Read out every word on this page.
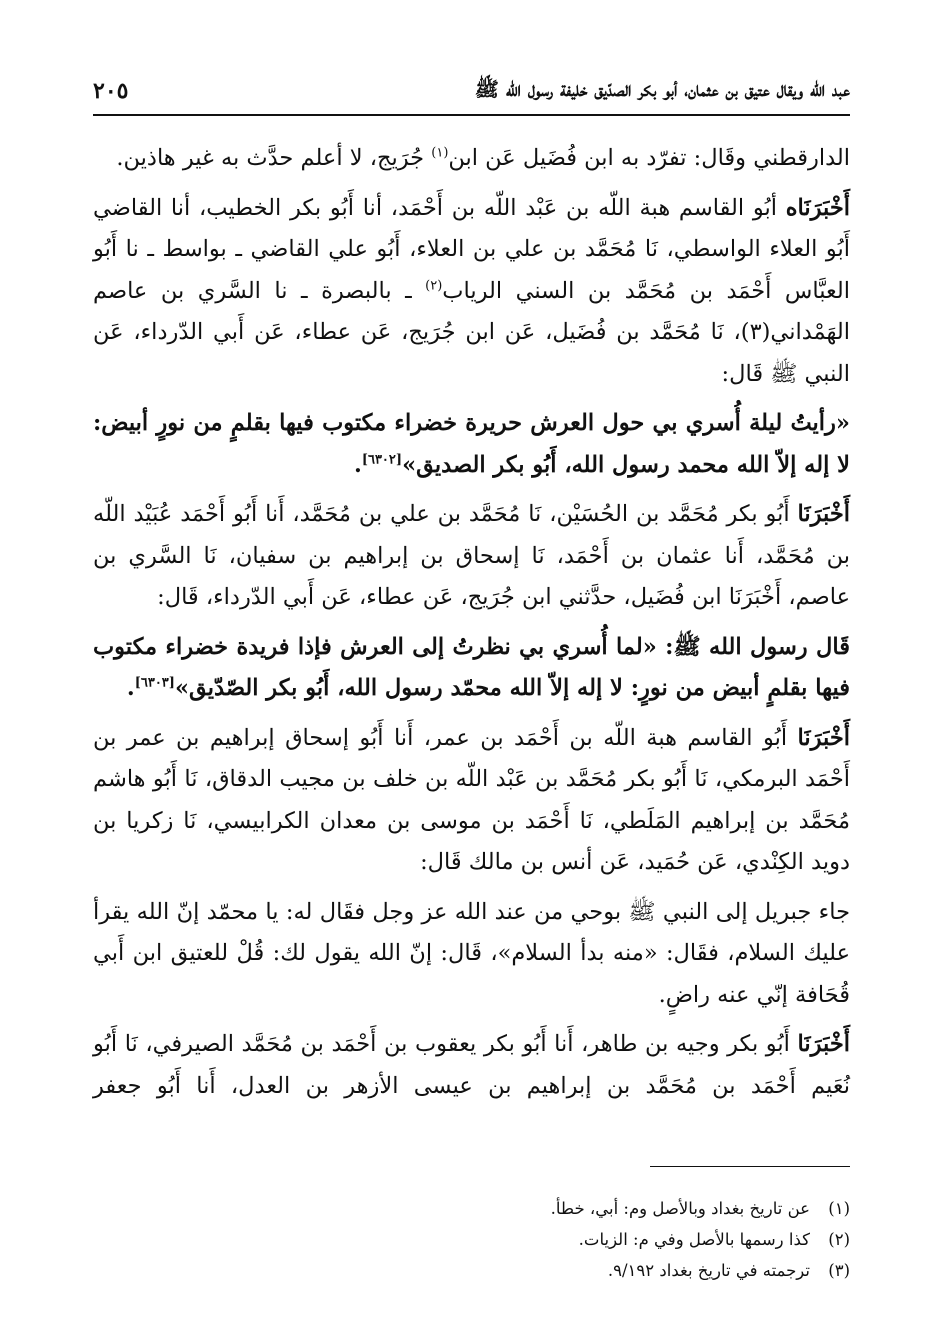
عبد الله ويقال عتيق بن عثمان، أبو بكر الصدّيق خليفة رسول الله ﷺ
٢٠٥

الدارقطني وقَال: تفرّد به ابن فُضَيل عَن ابن$^{(١)}$ جُرَيج، لا أعلم حدَّث به غير هاذين.

أَخْبَرَنَاه أبُو القاسم هبة اللّه بن عَبْد اللّه بن أَحْمَد، أنا أَبُو بكر الخطيب، أنا القاضي أَبُو العلاء الواسطي، نَا مُحَمَّد بن علي بن العلاء، أَبُو علي القاضي ـ بواسط ـ نا أَبُو العبَّاس أَحْمَد بن مُحَمَّد بن السني الرياب$^{(٢)}$ ـ بالبصرة ـ نا السَّري بن عاصم الهَمْداني(٣)، نَا مُحَمَّد بن فُضَيل، عَن ابن جُرَيج، عَن عطاء، عَن أَبي الدّرداء، عَن النبي ﷺ قَال:

«رأيتُ ليلة أُسري بي حول العرش حريرة خضراء مكتوب فيها بقلمٍ من نورٍ أبيض: لا إله إلاّ الله محمد رسول الله، أَبُو بكر الصديق»[٦٣٠٢].

أَخْبَرَنَا أَبُو بكر مُحَمَّد بن الحُسَيْن، نَا مُحَمَّد بن علي بن مُحَمَّد، أَنا أَبُو أَحْمَد عُبَيْد اللّه بن مُحَمَّد، أَنا عثمان بن أَحْمَد، نَا إسحاق بن إبراهيم بن سفيان، نَا السَّري بن عاصم، أَخْبَرَنَا ابن فُضَيل، حدَّثني ابن جُرَيج، عَن عطاء، عَن أَبي الدّرداء، قَال:

قَال رسول الله ﷺ: «لما أُسري بي نظرتُ إلى العرش فإذا فريدة خضراء مكتوب فيها بقلمٍ أبيض من نورٍ: لا إله إلاّ الله محمّد رسول الله، أَبُو بكر الصّدّيق»[٦٣٠٣].

أَخْبَرَنَا أَبُو القاسم هبة اللّه بن أَحْمَد بن عمر، أَنا أَبُو إسحاق إبراهيم بن عمر بن أَحْمَد البرمكي، نَا أَبُو بكر مُحَمَّد بن عَبْد اللّه بن خلف بن مجيب الدقاق، نَا أَبُو هاشم مُحَمَّد بن إبراهيم المَلَطي، نَا أَحْمَد بن موسى بن معدان الكرابيسي، نَا زكريا بن دويد الكِنْدي، عَن حُمَيد، عَن أنس بن مالك قَال:

جاء جبريل إلى النبي ﷺ بوحي من عند الله عز وجل فقَال له: يا محمّد إنّ الله يقرأ عليك السلام، فقَال: «منه بدأ السلام»، قَال: إنّ الله يقول لك: قُلْ للعتيق ابن أَبي قُحَافة إنّي عنه راضٍ.

أَخْبَرَنَا أَبُو بكر وجيه بن طاهر، أَنا أَبُو بكر يعقوب بن أَحْمَد بن مُحَمَّد الصيرفي، نَا أَبُو نُعَيم أَحْمَد بن مُحَمَّد بن إبراهيم بن عيسى الأزهر بن العدل، أَنا أَبُو جعفر

(١)
عن تاريخ بغداد وبالأصل وم: أبي، خطأ.
(٢)
كذا رسمها بالأصل وفي م: الزيات.
(٣)
ترجمته في تاريخ بغداد ٩/١٩٢.
